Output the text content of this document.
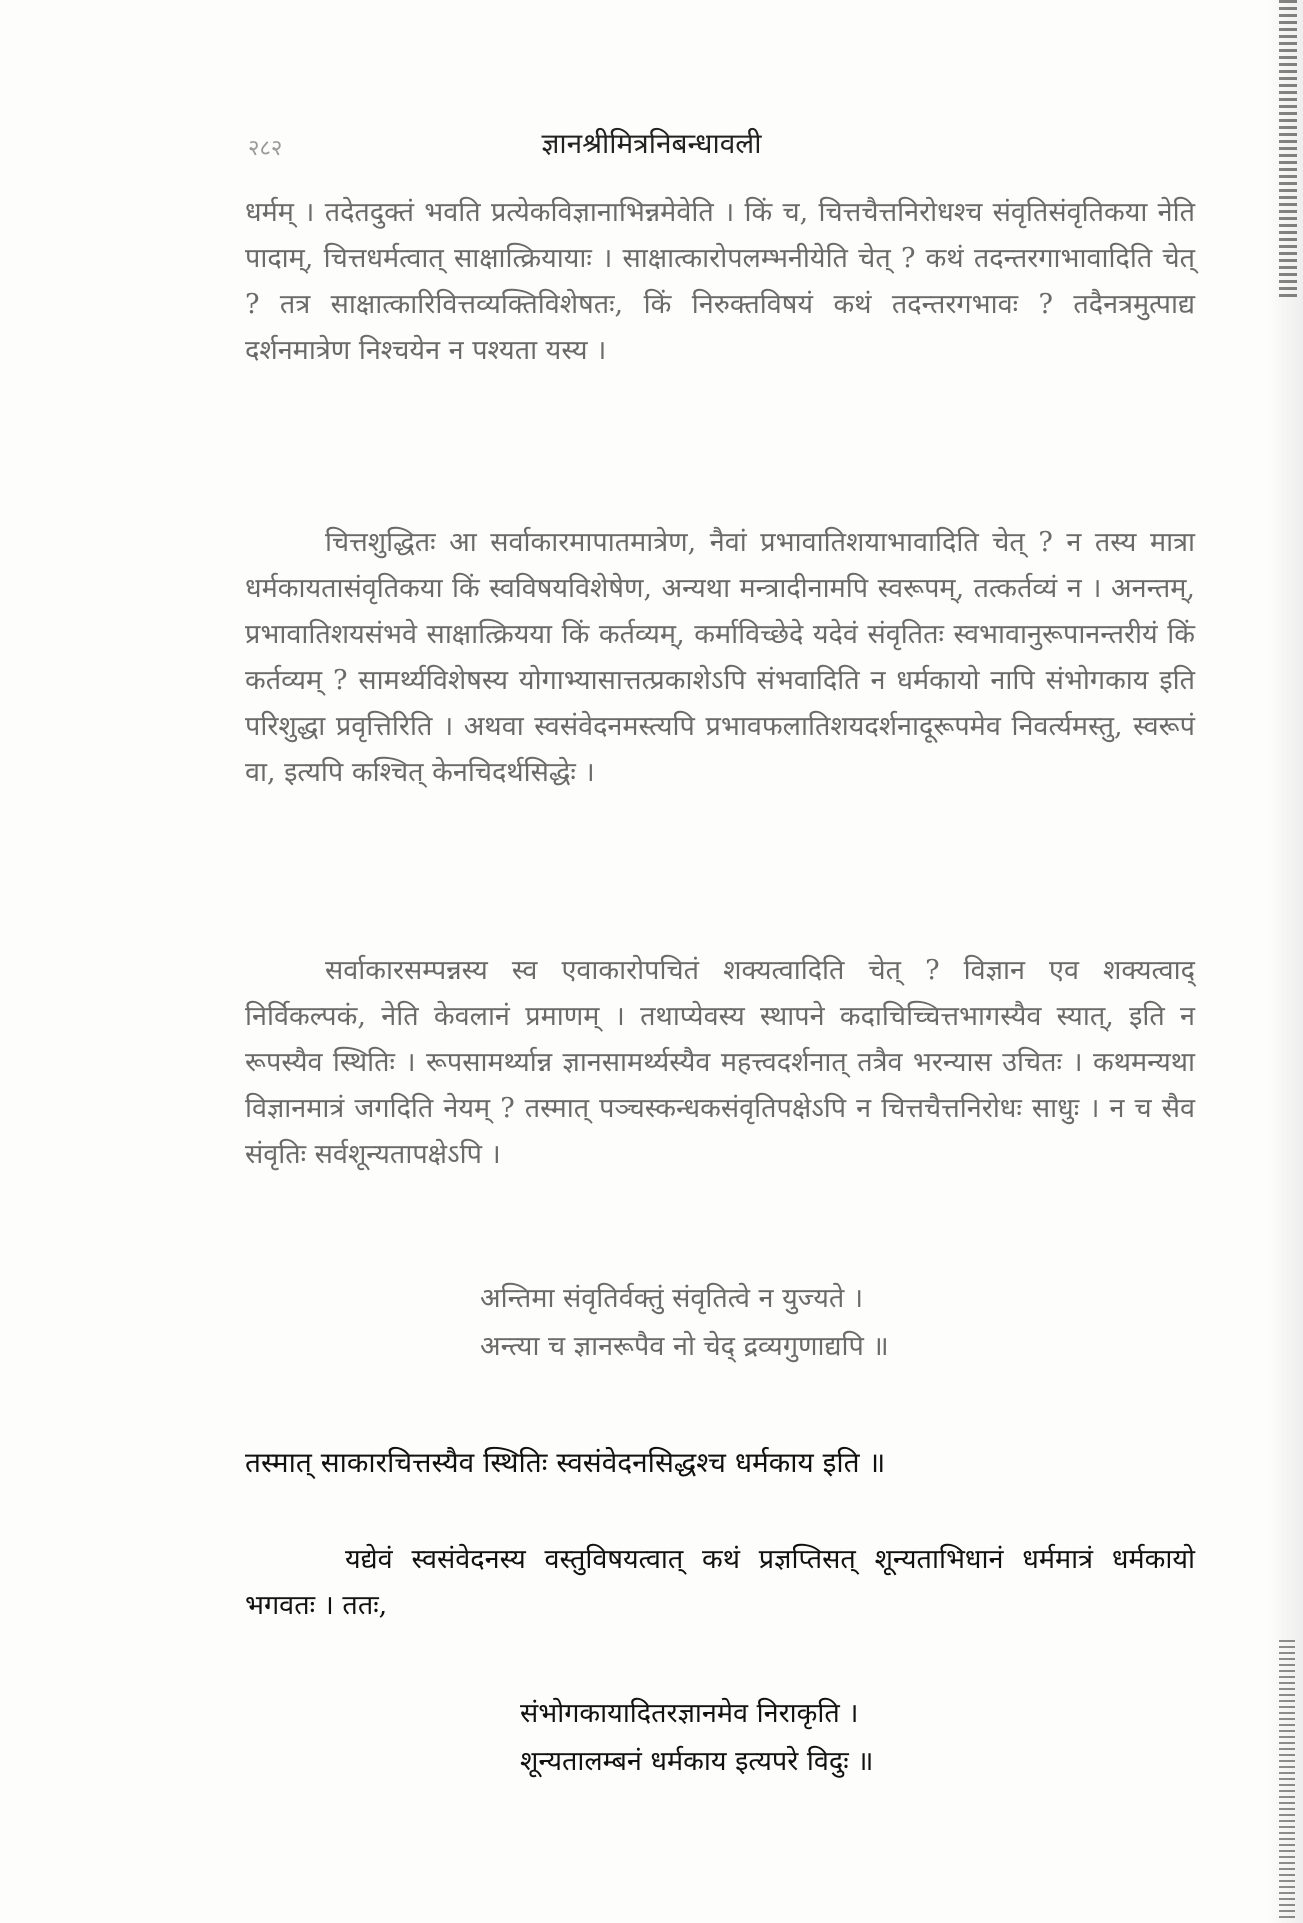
२८२	ज्ञानश्रीमित्रनिबन्धावली

धर्मम् । तदेतदुक्तं भवति प्रत्येकविज्ञानाभिन्नमेवेति । किं च, चित्तचैत्तनिरोधश्च संवृतिसंवृतिकया नेति पादाम्, चित्तधर्मत्वात् साक्षात्क्रियायाः । साक्षात्कारोपलम्भनीयेति चेत् ? कथं तदन्तरगाभावादिति चेत् ? तत्र साक्षात्कारिवित्तव्यक्तिविशेषतः, किं निरुक्तविषयं कथं तदन्तरगभावः ? तदैनत्रमुत्पाद्य दर्शनमात्रेण निश्चयेन न पश्यता यस्य ।

चित्तशुद्धितः आ सर्वाकारमापातमात्रेण, नैवां प्रभावातिशयाभावादिति चेत् ? न तस्य मात्रा धर्मकायतासंवृतिकया किं स्वविषयविशेषेण, अन्यथा मन्त्रादीनामपि स्वरूपम्, तत्कर्तव्यं न । अनन्तम्, प्रभावातिशयसंभवे साक्षात्क्रियया किं कर्तव्यम्, कर्माविच्छेदे यदेवं संवृतितः स्वभावानुरूपानन्तरीयं किं कर्तव्यम् ? सामर्थ्यविशेषस्य योगाभ्यासात्तत्प्रकाशेऽपि संभवादिति न धर्मकायो नापि संभोगकाय इति परिशुद्धा प्रवृत्तिरिति । अथवा स्वसंवेदनमस्त्यपि प्रभावफलातिशयदर्शनादूरूपमेव निवर्त्यमस्तु, स्वरूपं वा, इत्यपि कश्चित् केनचिदर्थसिद्धेः ।

सर्वाकारसम्पन्नस्य स्व एवाकारोपचितं शक्यत्वादिति चेत् ? विज्ञान एव शक्यत्वाद् निर्विकल्पकं, नेति केवलानं प्रमाणम् । तथाप्येवस्य स्थापने कदाचिच्चित्तभागस्यैव स्यात्, इति न रूपस्यैव स्थितिः । रूपसामर्थ्यान्न ज्ञानसामर्थ्यस्यैव महत्त्वदर्शनात् तत्रैव भरन्यास उचितः । कथमन्यथा विज्ञानमात्रं जगदिति नेयम् ? तस्मात् पञ्चस्कन्धकसंवृतिपक्षेऽपि न चित्तचैत्तनिरोधः साधुः । न च सैव संवृतिः सर्वशून्यतापक्षेऽपि ।

अन्तिमा संवृतिर्वक्तुं संवृतित्वे न युज्यते ।
अन्त्या च ज्ञानरूपैव नो चेद् द्रव्यगुणाद्यपि ॥

तस्मात् साकारचित्तस्यैव स्थितिः स्वसंवेदनसिद्धश्च धर्मकाय इति ॥

यद्येवं स्वसंवेदनस्य वस्तुविषयत्वात् कथं प्रज्ञप्तिसत् शून्यताभिधानं धर्ममात्रं धर्मकायो भगवतः । ततः,

संभोगकायादितरज्ञानमेव निराकृति ।
शून्यतालम्बनं धर्मकाय इत्यपरे विदुः ॥
